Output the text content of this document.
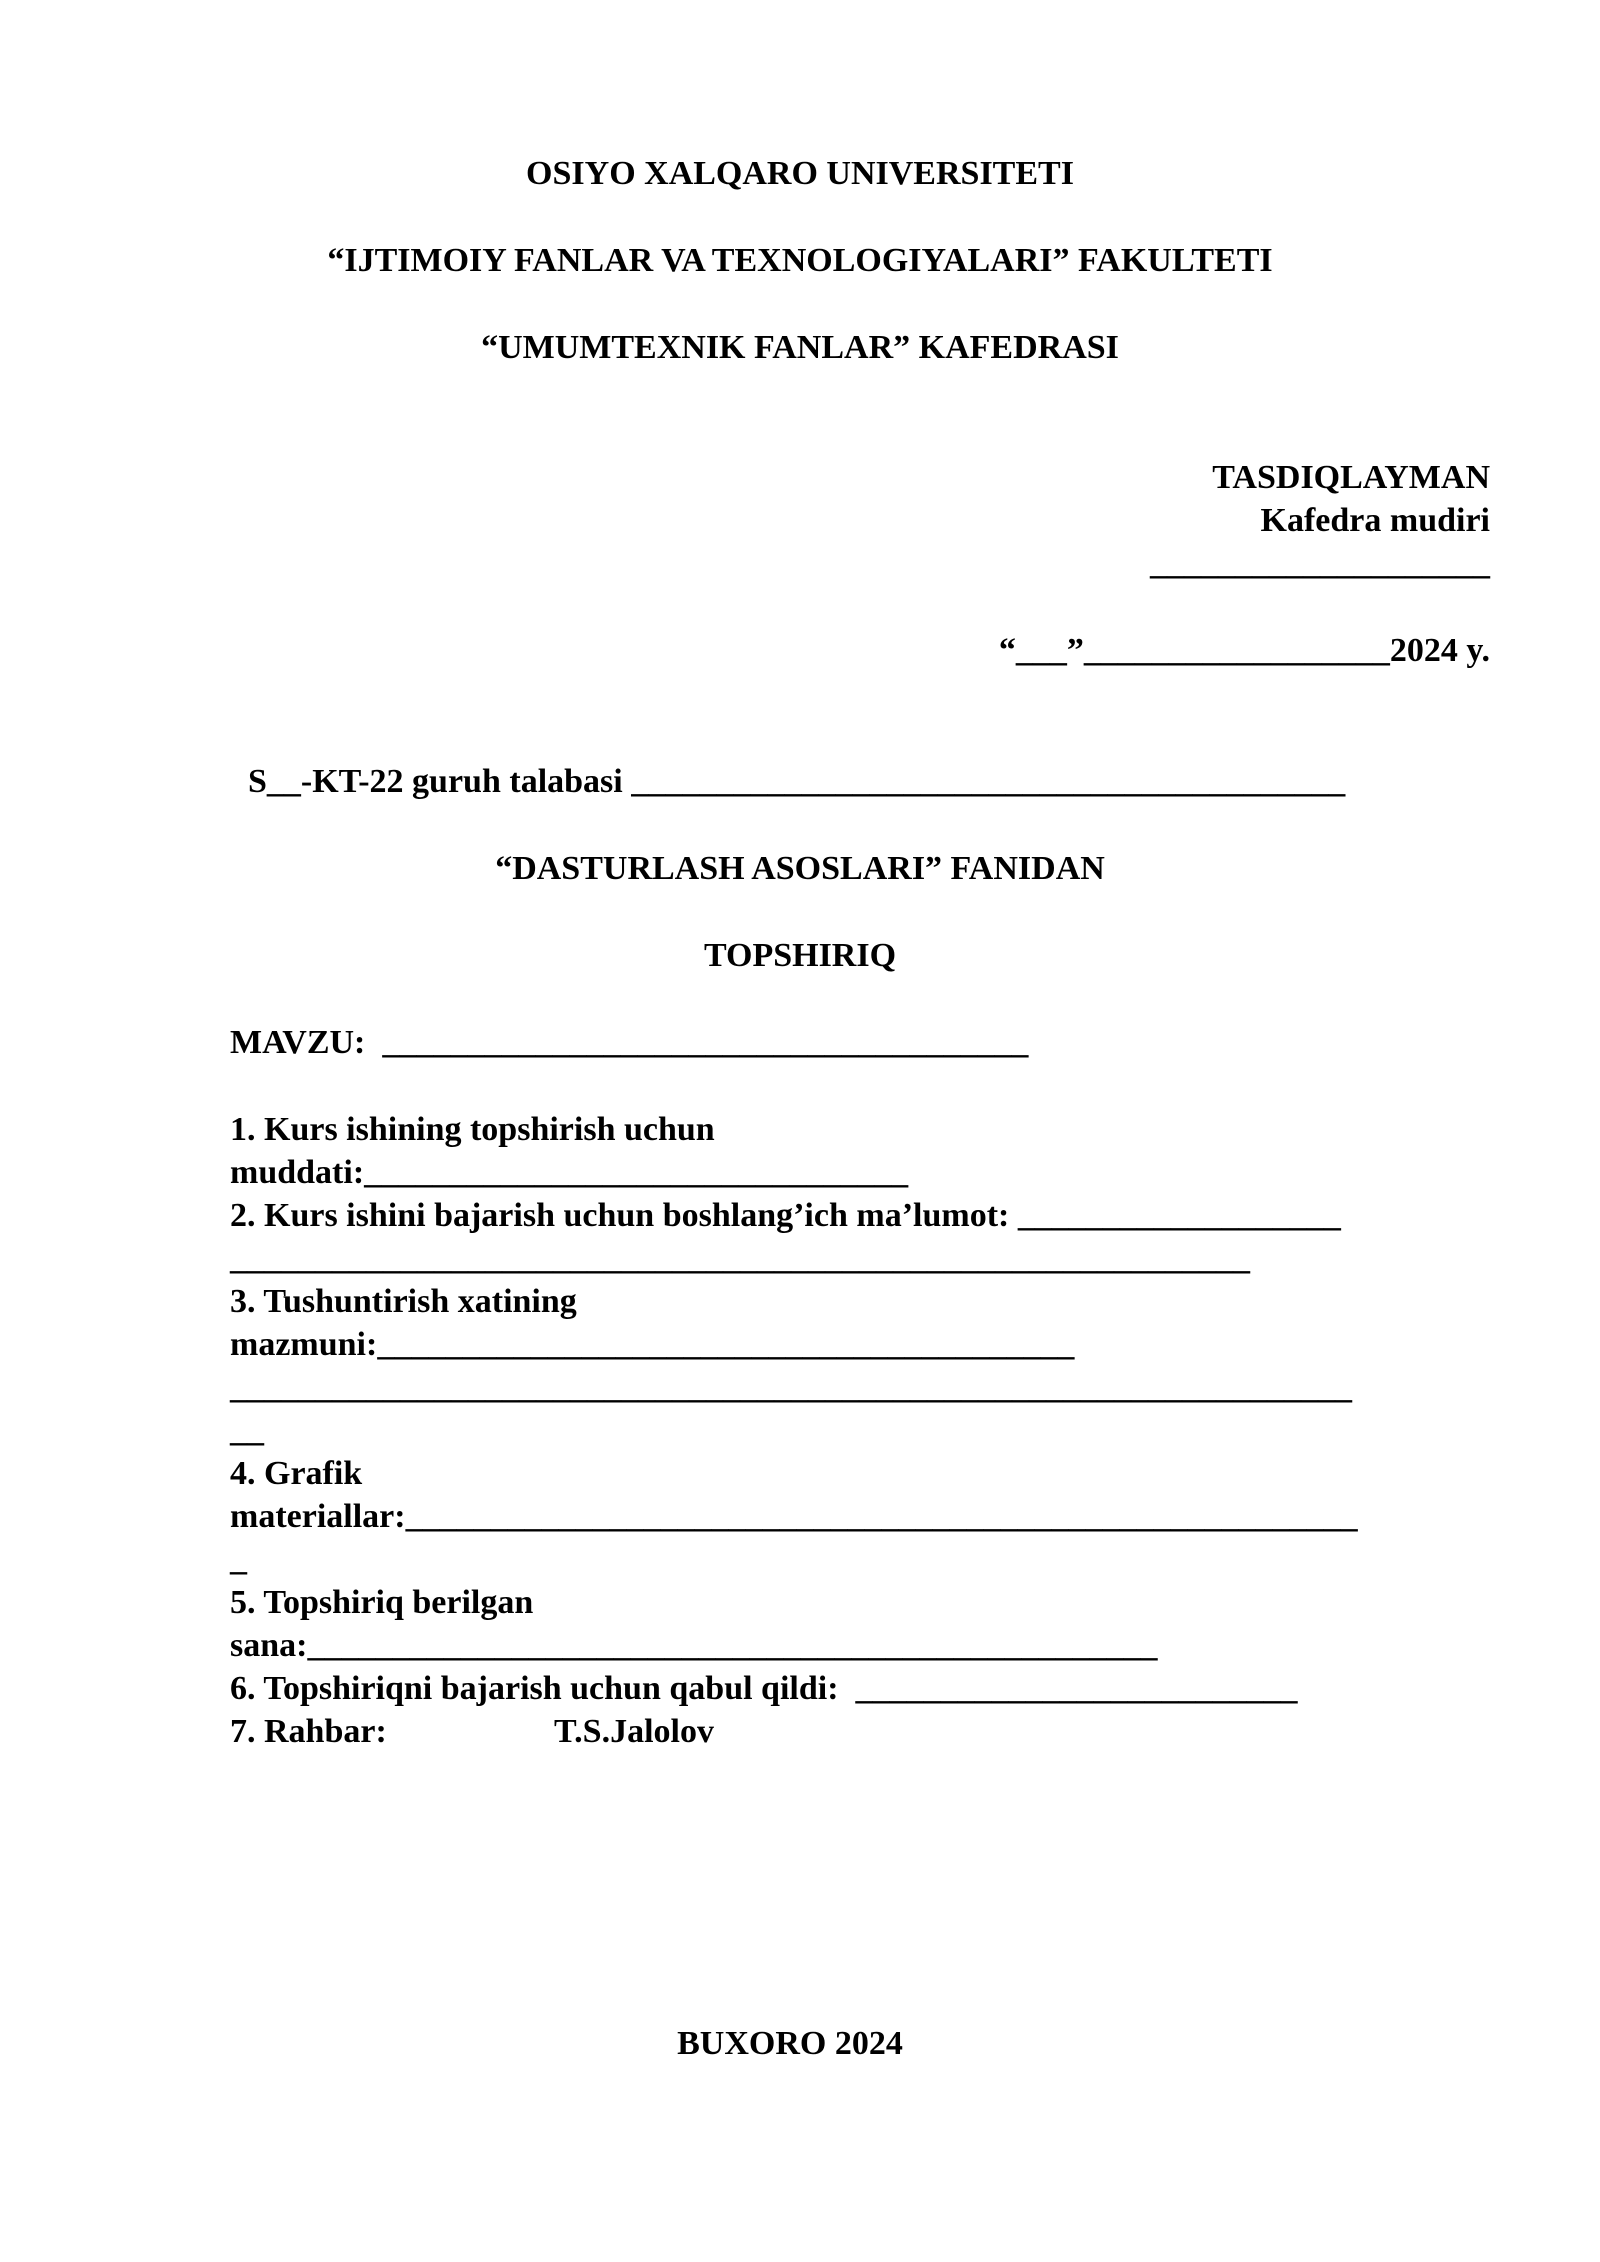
OSIYO XALQARO UNIVERSITETI
“IJTIMOIY FANLAR VA TEXNOLOGIYALARI” FAKULTETI
“UMUMTEXNIK FANLAR” KAFEDRASI
TASDIQLAYMAN
Kafedra mudiri
____________________
“___”__________________2024 y.
S__-KT-22 guruh talabasi __________________________________________
“DASTURLASH ASOSLARI” FANIDAN
TOPSHIRIQ
MAVZU:  ______________________________________
1. Kurs ishining topshirish uchun
muddati:________________________________
2. Kurs ishini bajarish uchun boshlang’ich ma’lumot: ___________________
____________________________________________________________
3. Tushuntirish xatining
mazmuni:_________________________________________
__________________________________________________________________
__
4. Grafik
materiallar:________________________________________________________
_
5. Topshiriq berilgan
sana:__________________________________________________
6. Topshiriqni bajarish uchun qabul qildi:  __________________________
7. Rahbar:	T.S.Jalolov
BUXORO 2024
